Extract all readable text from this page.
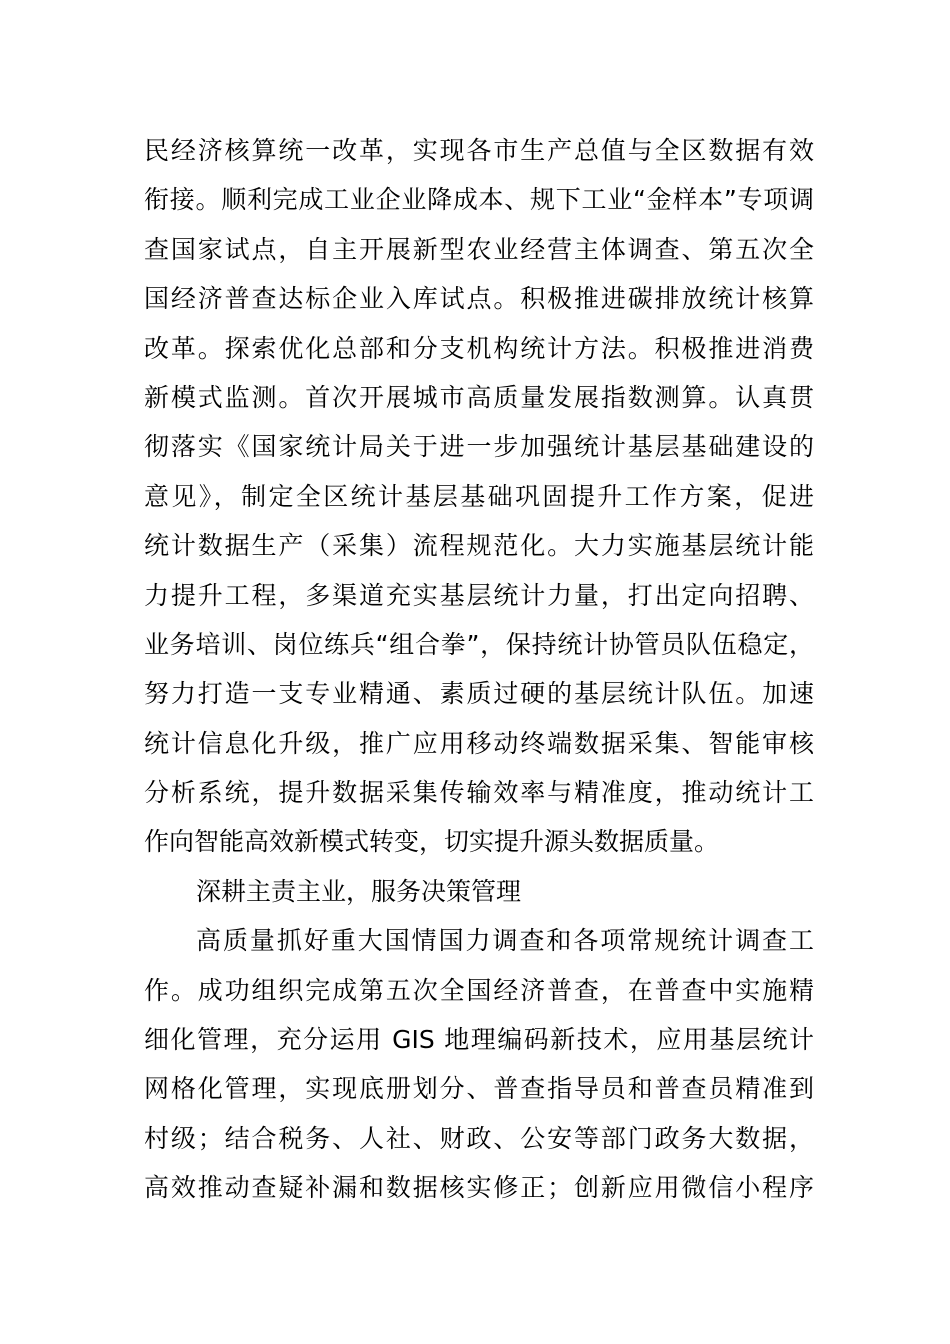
民经济核算统一改革，实现各市生产总值与全区数据有效
衔接。顺利完成工业企业降成本、规下工业“金样本”专项调
查国家试点，自主开展新型农业经营主体调查、第五次全
国经济普查达标企业入库试点。积极推进碳排放统计核算
改革。探索优化总部和分支机构统计方法。积极推进消费
新模式监测。首次开展城市高质量发展指数测算。认真贯
彻落实《国家统计局关于进一步加强统计基层基础建设的
意见》，制定全区统计基层基础巩固提升工作方案，促进
统计数据生产（采集）流程规范化。大力实施基层统计能
力提升工程，多渠道充实基层统计力量，打出定向招聘、
业务培训、岗位练兵“组合拳”，保持统计协管员队伍稳定，
努力打造一支专业精通、素质过硬的基层统计队伍。加速
统计信息化升级，推广应用移动终端数据采集、智能审核
分析系统，提升数据采集传输效率与精准度，推动统计工
作向智能高效新模式转变，切实提升源头数据质量。
深耕主责主业，服务决策管理
高质量抓好重大国情国力调查和各项常规统计调查工
作。成功组织完成第五次全国经济普查，在普查中实施精
细化管理，充分运用 GIS 地理编码新技术，应用基层统计
网格化管理，实现底册划分、普查指导员和普查员精准到
村级；结合税务、人社、财政、公安等部门政务大数据，
高效推动查疑补漏和数据核实修正；创新应用微信小程序
